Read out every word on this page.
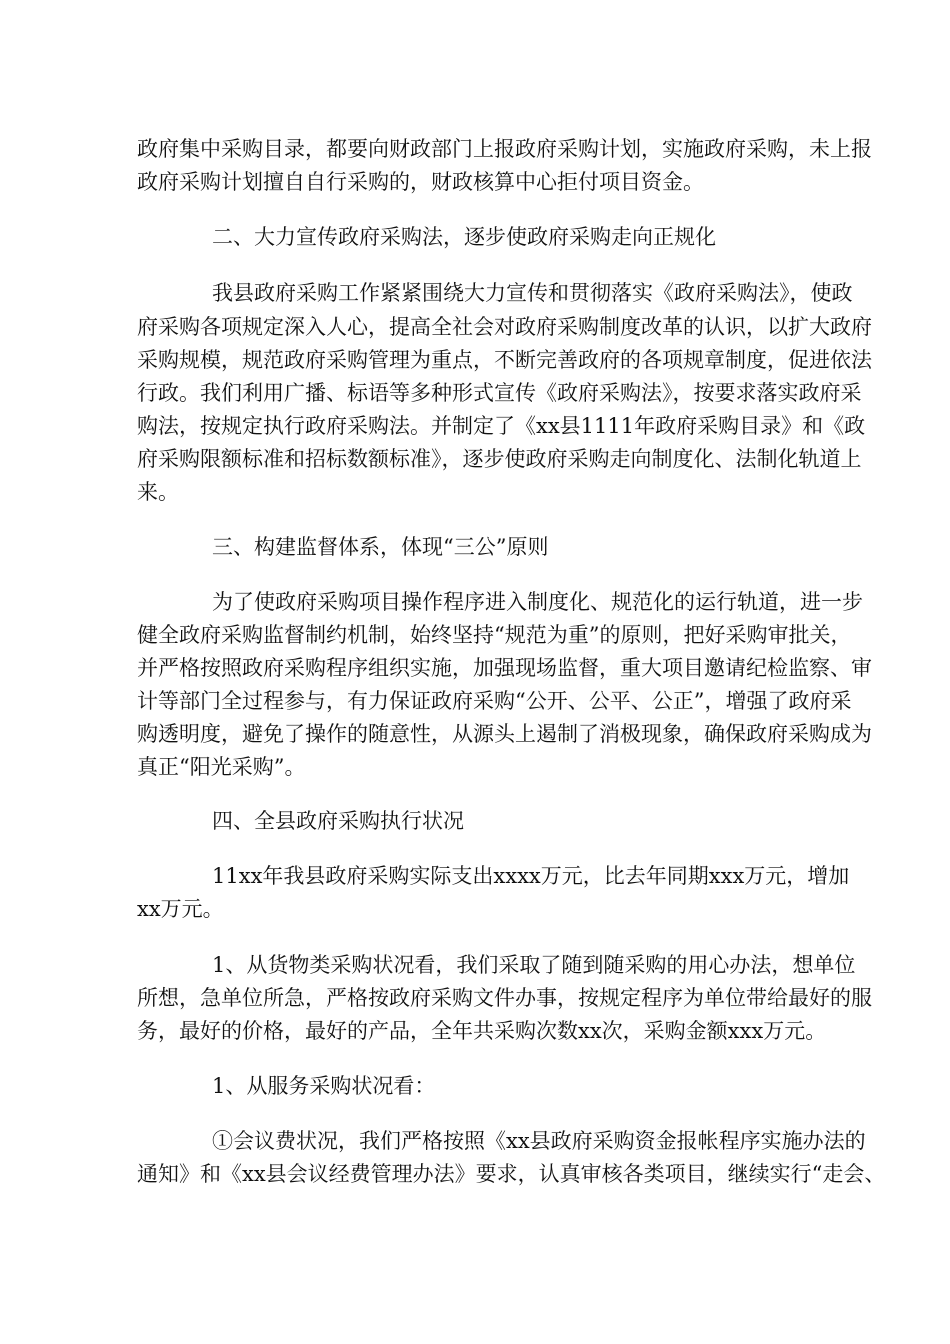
政府集中采购目录，都要向财政部门上报政府采购计划，实施政府采购，未上报

政府采购计划擅自自行采购的，财政核算中心拒付项目资金。

二、大力宣传政府采购法，逐步使政府采购走向正规化

我县政府采购工作紧紧围绕大力宣传和贯彻落实《政府采购法》，使政

府采购各项规定深入人心，提高全社会对政府采购制度改革的认识，以扩大政府

采购规模，规范政府采购管理为重点，不断完善政府的各项规章制度，促进依法

行政。我们利用广播、标语等多种形式宣传《政府采购法》，按要求落实政府采

购法，按规定执行政府采购法。并制定了《xx县1111年政府采购目录》和《政

府采购限额标准和招标数额标准》，逐步使政府采购走向制度化、法制化轨道上

来。

三、构建监督体系，体现“三公”原则

为了使政府采购项目操作程序进入制度化、规范化的运行轨道，进一步

健全政府采购监督制约机制，始终坚持“规范为重”的原则，把好采购审批关，

并严格按照政府采购程序组织实施，加强现场监督，重大项目邀请纪检监察、审

计等部门全过程参与，有力保证政府采购“公开、公平、公正”，增强了政府采

购透明度，避免了操作的随意性，从源头上遏制了消极现象，确保政府采购成为

真正“阳光采购”。

四、全县政府采购执行状况

11xx年我县政府采购实际支出xxxx万元，比去年同期xxx万元，增加

xx万元。

1、从货物类采购状况看，我们采取了随到随采购的用心办法，想单位

所想，急单位所急，严格按政府采购文件办事，按规定程序为单位带给最好的服

务，最好的价格，最好的产品，全年共采购次数xx次，采购金额xxx万元。

1、从服务采购状况看：

①会议费状况，我们严格按照《xx县政府采购资金报帐程序实施办法的

通知》和《xx县会议经费管理办法》要求，认真审核各类项目，继续实行“走会、
